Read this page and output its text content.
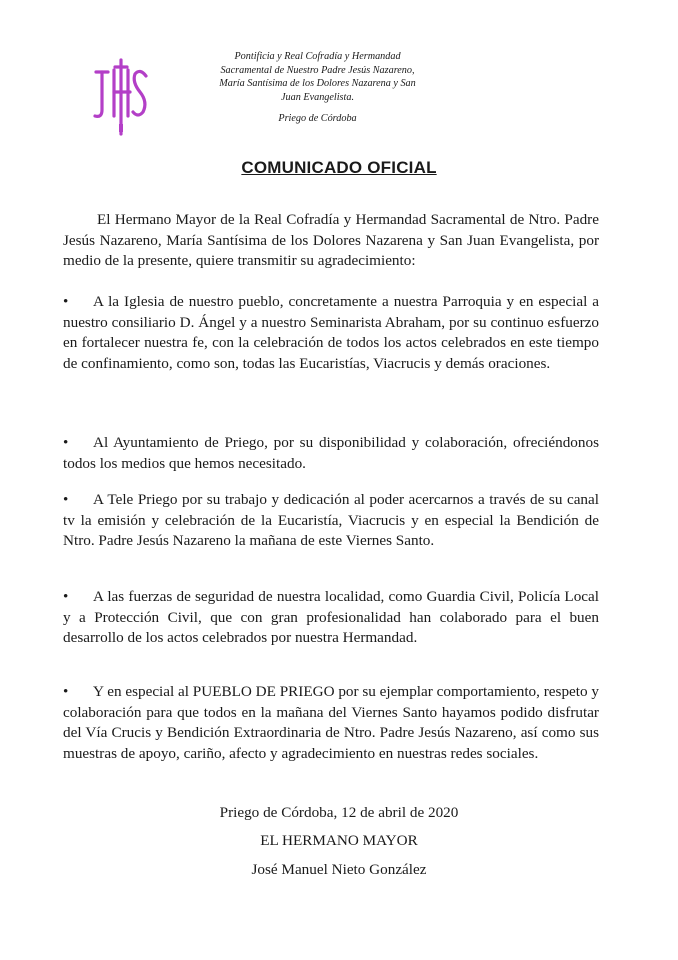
Pontificia y Real Cofradía y Hermandad
Sacramental de Nuestro Padre Jesús Nazareno,
María Santísima de los Dolores Nazarena y San
Juan Evangelista.
Priego de Córdoba
COMUNICADO OFICIAL

El Hermano Mayor de la Real Cofradía y Hermandad Sacramental de Ntro. Padre Jesús Nazareno, María Santísima de los Dolores Nazarena y San Juan Evangelista, por medio de la presente, quiere transmitir su agradecimiento:

• A la Iglesia de nuestro pueblo, concretamente a nuestra Parroquia y en especial a nuestro consiliario D. Ángel y a nuestro Seminarista Abraham, por su continuo esfuerzo en fortalecer nuestra fe, con la celebración de todos los actos celebrados en este tiempo de confinamiento, como son, todas las Eucaristías, Viacrucis y demás oraciones.
• Al Ayuntamiento de Priego, por su disponibilidad y colaboración, ofreciéndonos todos los medios que hemos necesitado.
• A Tele Priego por su trabajo y dedicación al poder acercarnos a través de su canal tv la emisión y celebración de la Eucaristía, Viacrucis y en especial la Bendición de Ntro. Padre Jesús Nazareno la mañana de este Viernes Santo.
• A las fuerzas de seguridad de nuestra localidad, como Guardia Civil, Policía Local y a Protección Civil, que con gran profesionalidad han colaborado para el buen desarrollo de los actos celebrados por nuestra Hermandad.
• Y en especial al PUEBLO DE PRIEGO por su ejemplar comportamiento, respeto y colaboración para que todos en la mañana del Viernes Santo hayamos podido disfrutar del Vía Crucis y Bendición Extraordinaria de Ntro. Padre Jesús Nazareno, así como sus muestras de apoyo, cariño, afecto y agradecimiento en nuestras redes sociales.
Priego de Córdoba, 12 de abril de 2020
EL HERMANO MAYOR
José Manuel Nieto González
